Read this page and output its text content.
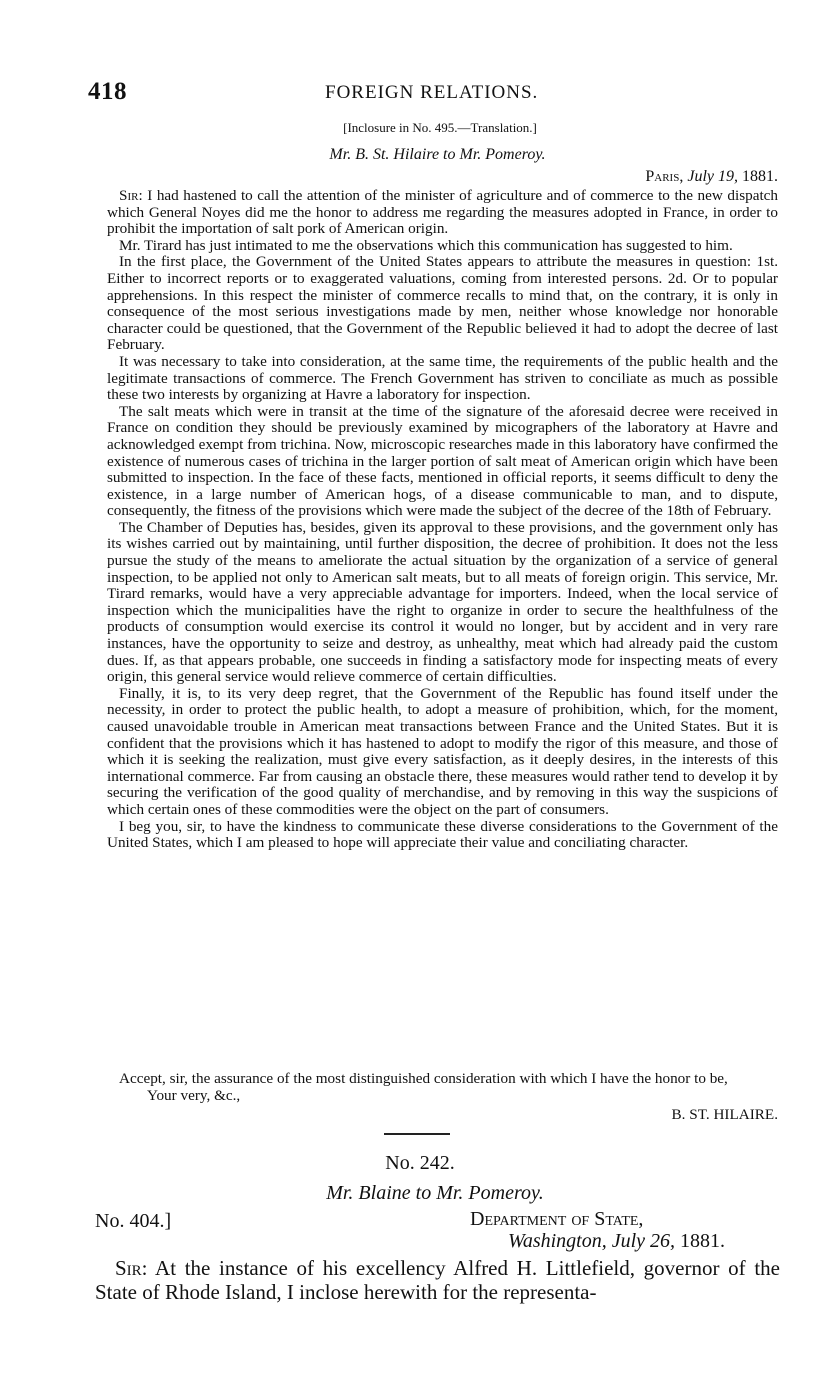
418	FOREIGN RELATIONS.
[Inclosure in No. 495.—Translation.]
Mr. B. St. Hilaire to Mr. Pomeroy.
Paris, July 19, 1881.

Sir: I had hastened to call the attention of the minister of agriculture and of commerce to the new dispatch which General Noyes did me the honor to address me regarding the measures adopted in France, in order to prohibit the importation of salt pork of American origin.

Mr. Tirard has just intimated to me the observations which this communication has suggested to him.

In the first place, the Government of the United States appears to attribute the measures in question: 1st. Either to incorrect reports or to exaggerated valuations, coming from interested persons. 2d. Or to popular apprehensions. In this respect the minister of commerce recalls to mind that, on the contrary, it is only in consequence of the most serious investigations made by men, neither whose knowledge nor honorable character could be questioned, that the Government of the Republic believed it had to adopt the decree of last February.

It was necessary to take into consideration, at the same time, the requirements of the public health and the legitimate transactions of commerce. The French Government has striven to conciliate as much as possible these two interests by organizing at Havre a laboratory for inspection.

The salt meats which were in transit at the time of the signature of the aforesaid decree were received in France on condition they should be previously examined by micographers of the laboratory at Havre and acknowledged exempt from trichina. Now, microscopic researches made in this laboratory have confirmed the existence of numerous cases of trichina in the larger portion of salt meat of American origin which have been submitted to inspection. In the face of these facts, mentioned in official reports, it seems difficult to deny the existence, in a large number of American hogs, of a disease communicable to man, and to dispute, consequently, the fitness of the provisions which were made the subject of the decree of the 18th of February.

The Chamber of Deputies has, besides, given its approval to these provisions, and the government only has its wishes carried out by maintaining, until further disposition, the decree of prohibition. It does not the less pursue the study of the means to ameliorate the actual situation by the organization of a service of general inspection, to be applied not only to American salt meats, but to all meats of foreign origin. This service, Mr. Tirard remarks, would have a very appreciable advantage for importers. Indeed, when the local service of inspection which the municipalities have the right to organize in order to secure the healthfulness of the products of consumption would exercise its control it would no longer, but by accident and in very rare instances, have the opportunity to seize and destroy, as unhealthy, meat which had already paid the custom dues. If, as that appears probable, one succeeds in finding a satisfactory mode for inspecting meats of every origin, this general service would relieve commerce of certain difficulties.

Finally, it is, to its very deep regret, that the Government of the Republic has found itself under the necessity, in order to protect the public health, to adopt a measure of prohibition, which, for the moment, caused unavoidable trouble in American meat transactions between France and the United States. But it is confident that the provisions which it has hastened to adopt to modify the rigor of this measure, and those of which it is seeking the realization, must give every satisfaction, as it deeply desires, in the interests of this international commerce. Far from causing an obstacle there, these measures would rather tend to develop it by securing the verification of the good quality of merchandise, and by removing in this way the suspicions of which certain ones of these commodities were the object on the part of consumers.

I beg you, sir, to have the kindness to communicate these diverse considerations to the Government of the United States, which I am pleased to hope will appreciate their value and conciliating character.

Accept, sir, the assurance of the most distinguished consideration with which I have the honor to be,

Your very, &c.,

B. ST. HILAIRE.

No. 242.
Mr. Blaine to Mr. Pomeroy.
No. 404.]	Department of State,
Washington, July 26, 1881.

Sir: At the instance of his excellency Alfred H. Littlefield, governor of the State of Rhode Island, I inclose herewith for the representa-
